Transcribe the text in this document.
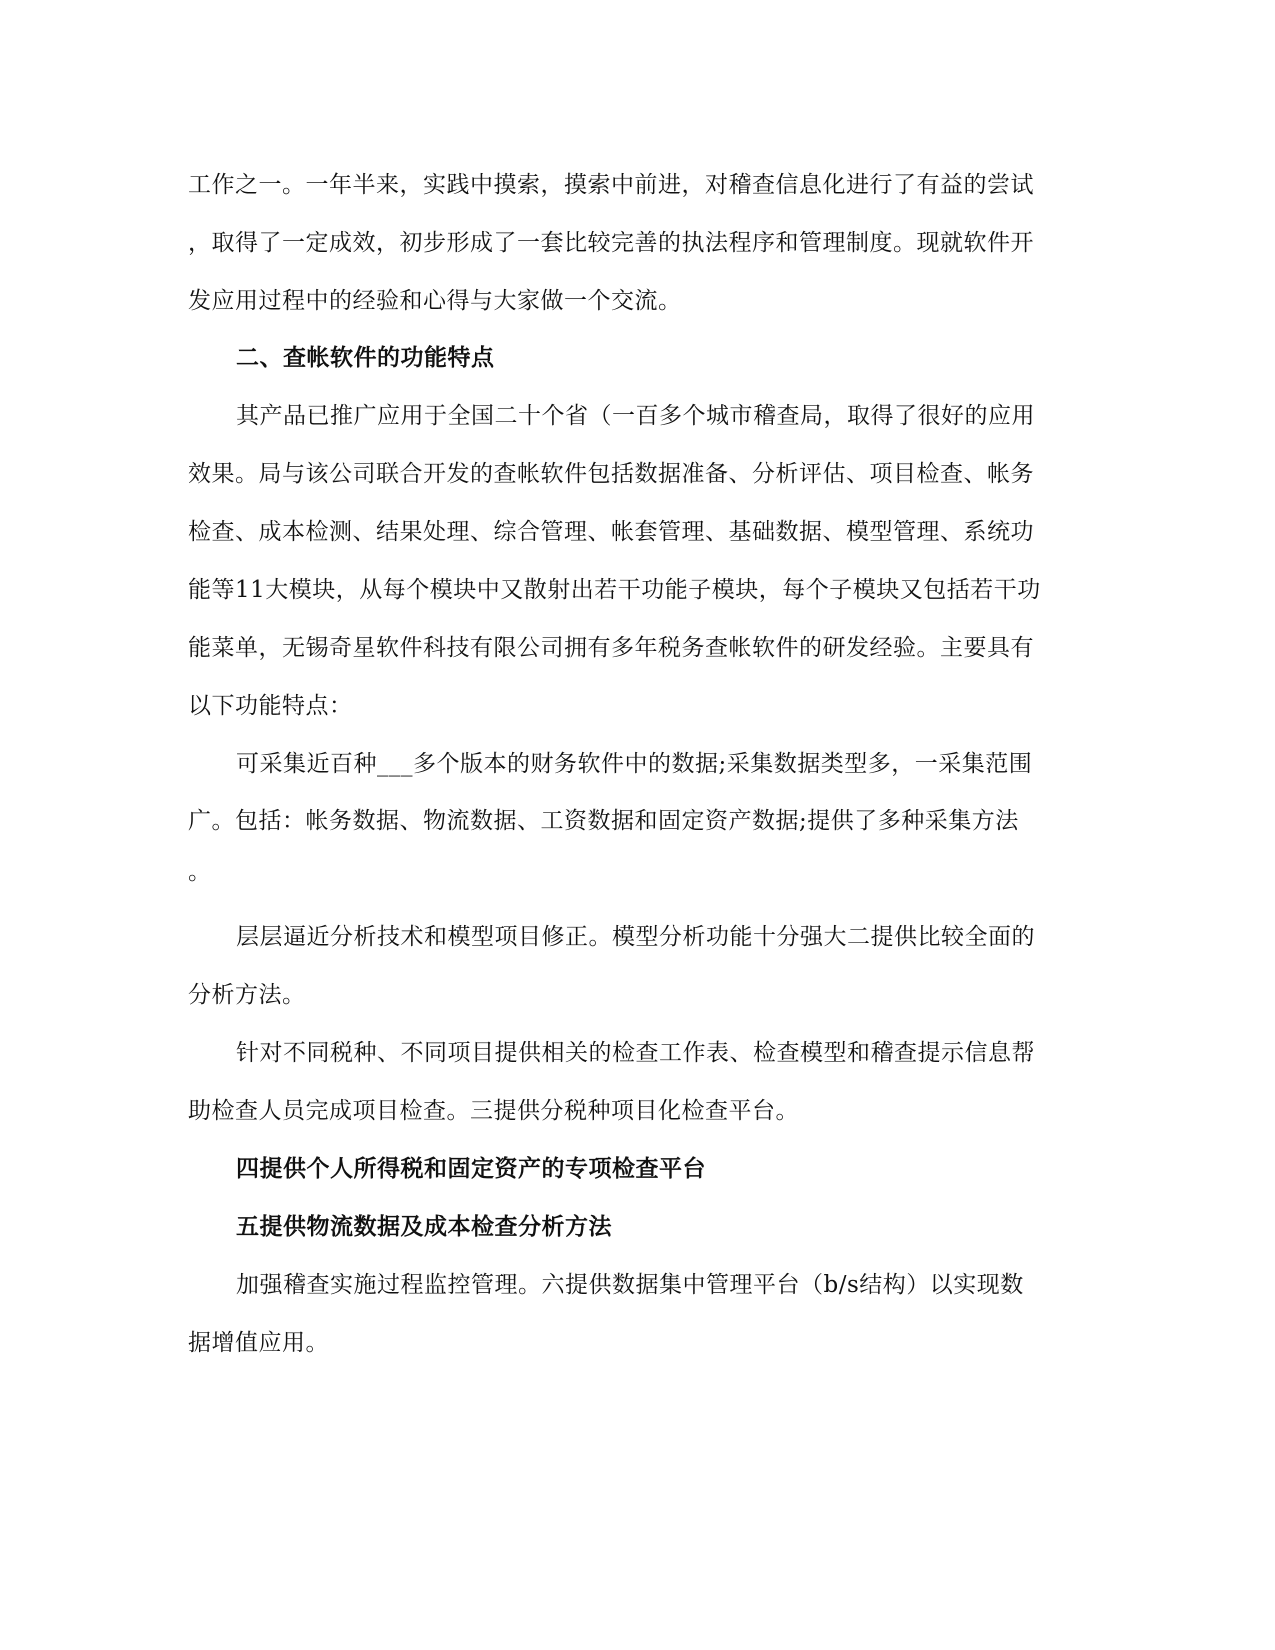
工作之一。一年半来，实践中摸索，摸索中前进，对稽查信息化进行了有益的尝试
，取得了一定成效，初步形成了一套比较完善的执法程序和管理制度。现就软件开
发应用过程中的经验和心得与大家做一个交流。
二、查帐软件的功能特点
其产品已推广应用于全国二十个省（一百多个城市稽查局，取得了很好的应用
效果。局与该公司联合开发的查帐软件包括数据准备、分析评估、项目检查、帐务
检查、成本检测、结果处理、综合管理、帐套管理、基础数据、模型管理、系统功
能等11大模块，从每个模块中又散射出若干功能子模块，每个子模块又包括若干功
能菜单，无锡奇星软件科技有限公司拥有多年税务查帐软件的研发经验。主要具有
以下功能特点：
可采集近百种___多个版本的财务软件中的数据;采集数据类型多，一采集范围
广。包括：帐务数据、物流数据、工资数据和固定资产数据;提供了多种采集方法
。
层层逼近分析技术和模型项目修正。模型分析功能十分强大二提供比较全面的
分析方法。
针对不同税种、不同项目提供相关的检查工作表、检查模型和稽查提示信息帮
助检查人员完成项目检查。三提供分税种项目化检查平台。
四提供个人所得税和固定资产的专项检查平台
五提供物流数据及成本检查分析方法
加强稽查实施过程监控管理。六提供数据集中管理平台（b/s结构）以实现数
据增值应用。
